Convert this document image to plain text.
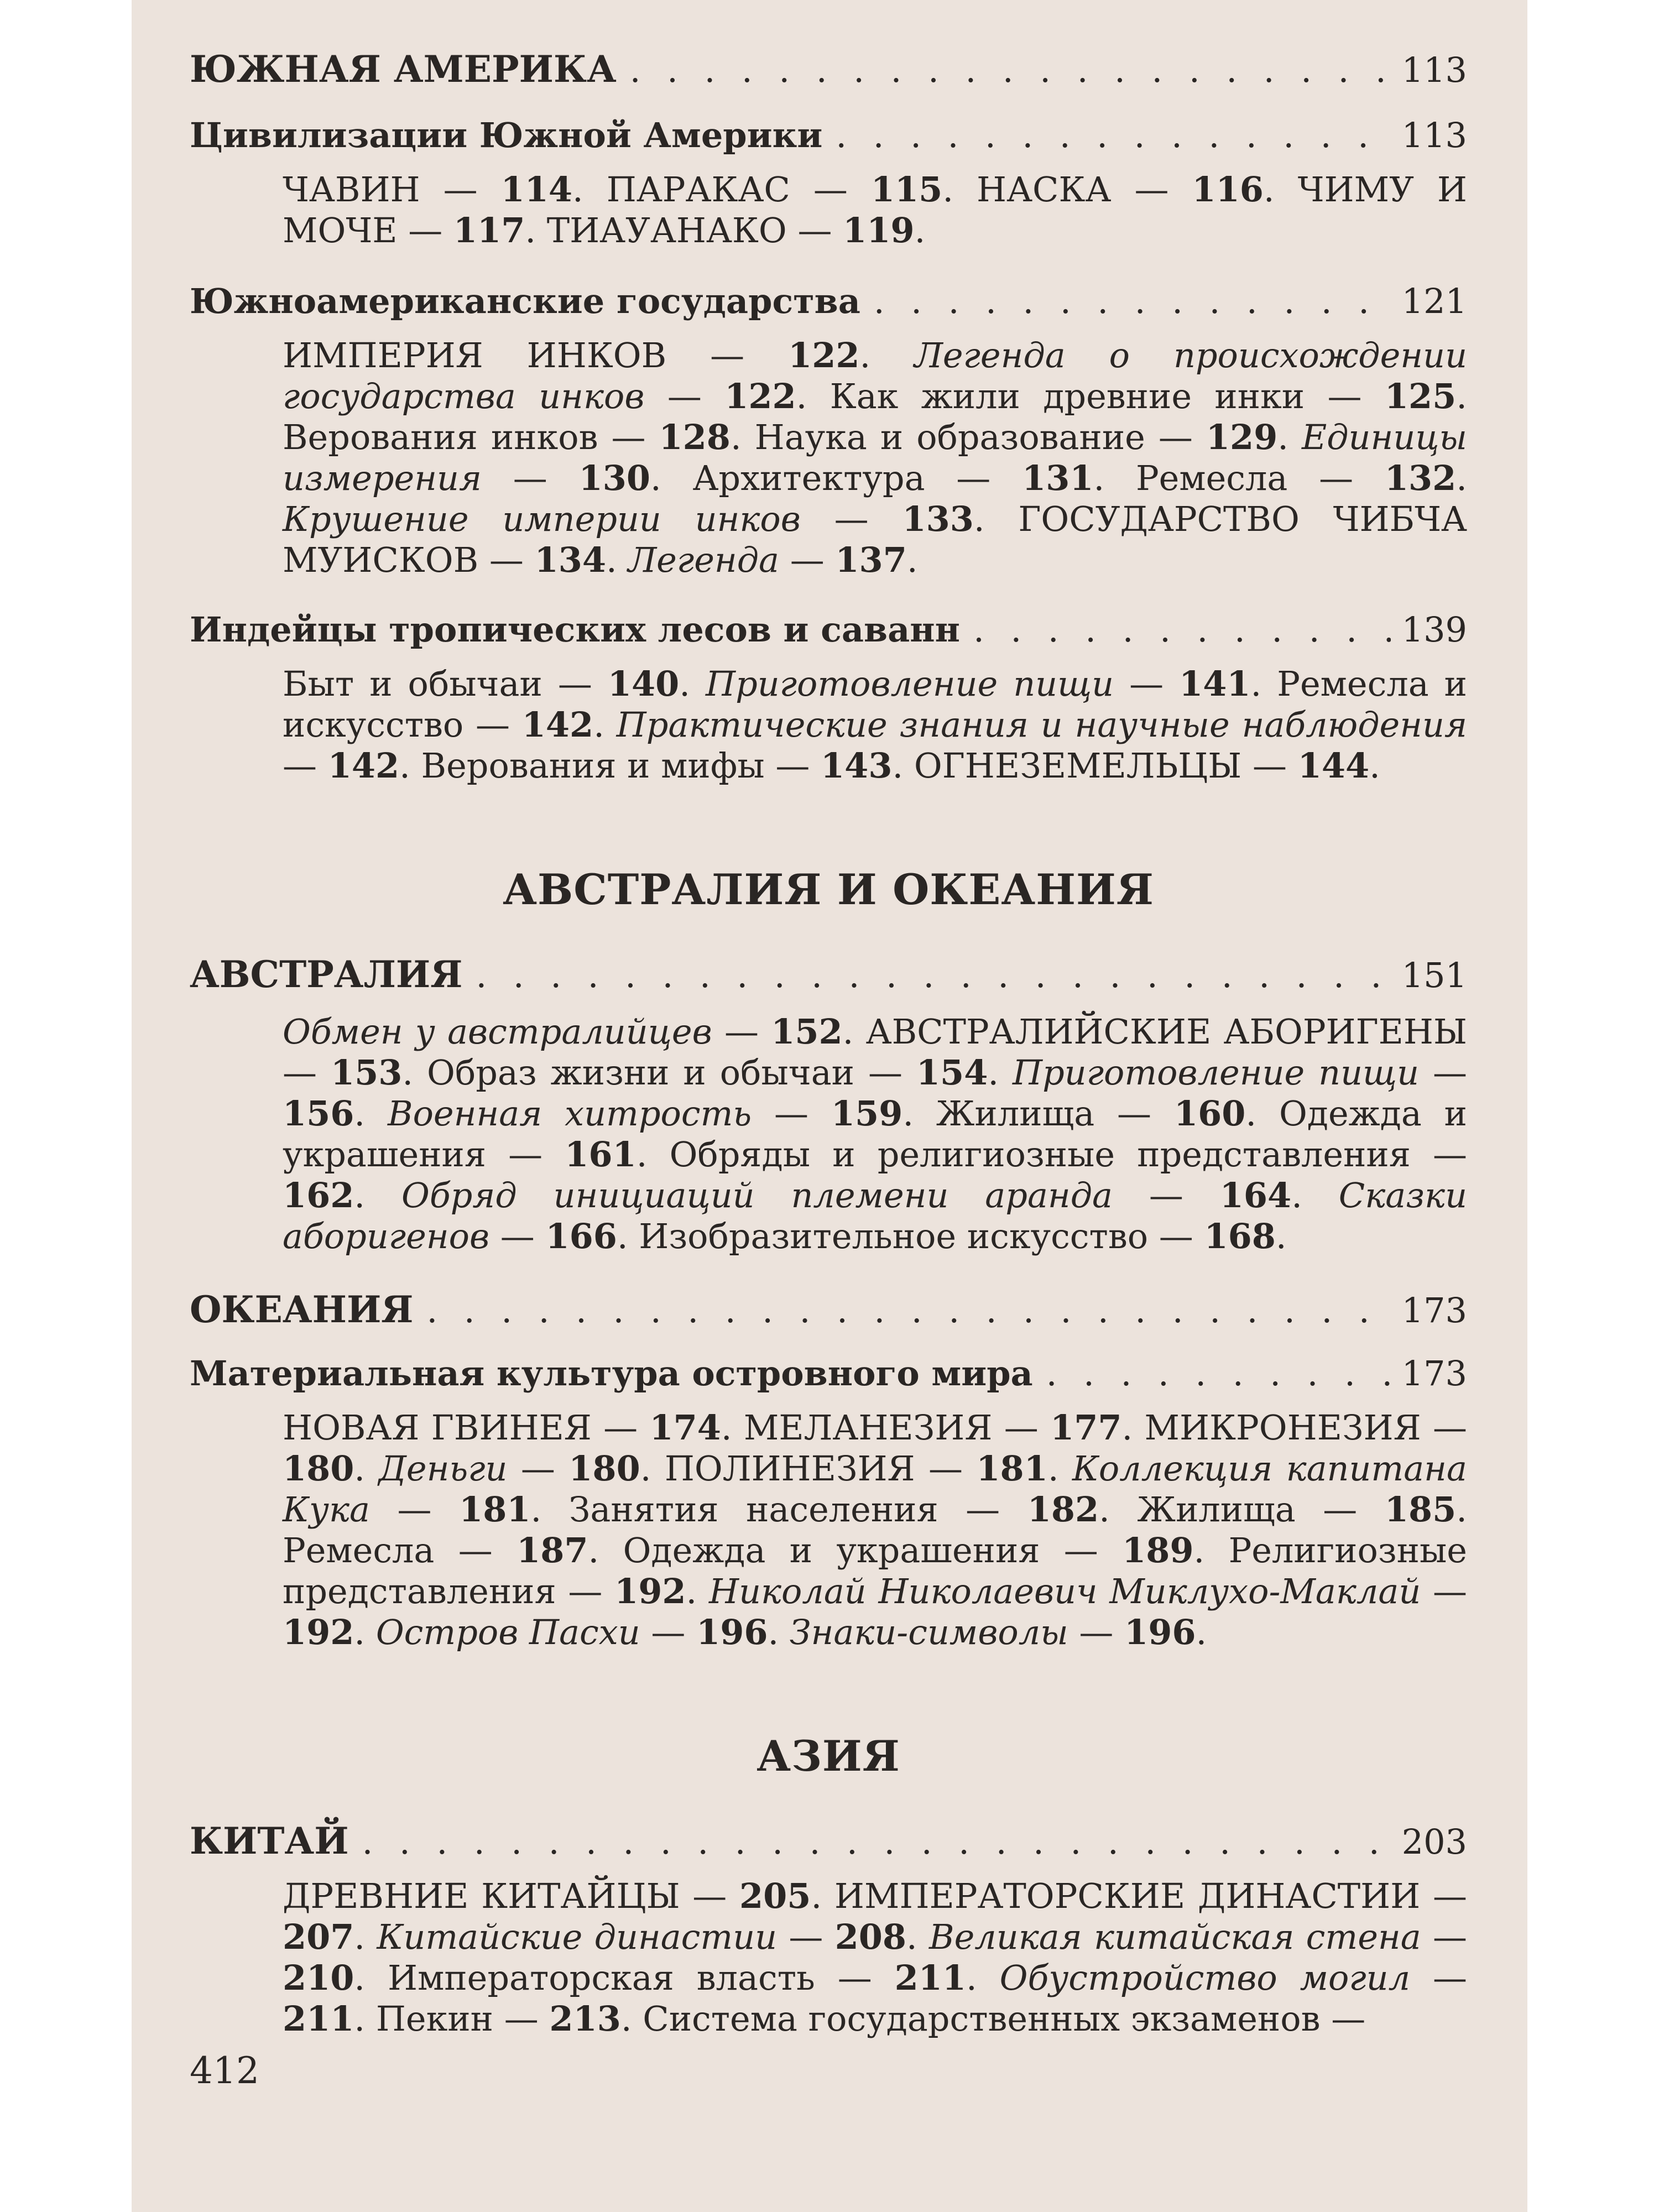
ЮЖНАЯ АМЕРИКА . . .	113
Цивилизации Южной Америки . . .	113
ЧАВИН — 114. ПАРАКАС — 115. НАСКА — 116. ЧИМУ И МОЧЕ — 117. ТИАУАНАКО — 119.
Южноамериканские государства . . .	121
ИМПЕРИЯ ИНКОВ — 122. Легенда о происхождении государства инков — 122. Как жили древние инки — 125. Верования инков — 128. Наука и образование — 129. Единицы измерения — 130. Архитектура — 131. Ремесла — 132. Крушение империи инков — 133. ГОСУДАРСТВО ЧИБЧА МУИСКОВ — 134. Легенда — 137.
Индейцы тропических лесов и саванн . . .	139
Быт и обычаи — 140. Приготовление пищи — 141. Ремесла и искусство — 142. Практические знания и научные наблюдения — 142. Верования и мифы — 143. ОГНЕЗЕМЕЛЬЦЫ — 144.
АВСТРАЛИЯ И ОКЕАНИЯ
АВСТРАЛИЯ . . .	151
Обмен у австралийцев — 152. АВСТРАЛИЙСКИЕ АБОРИГЕНЫ — 153. Образ жизни и обычаи — 154. Приготовление пищи — 156. Военная хитрость — 159. Жилища — 160. Одежда и украшения — 161. Обряды и религиозные представления — 162. Обряд инициаций племени аранда — 164. Сказки аборигенов — 166. Изобразительное искусство — 168.
ОКЕАНИЯ . . .	173
Материальная культура островного мира . . .	173
НОВАЯ ГВИНЕЯ — 174. МЕЛАНЕЗИЯ — 177. МИКРОНЕЗИЯ — 180. Деньги — 180. ПОЛИНЕЗИЯ — 181. Коллекция капитана Кука — 181. Занятия населения — 182. Жилища — 185. Ремесла — 187. Одежда и украшения — 189. Религиозные представления — 192. Николай Николаевич Миклухо-Маклай — 192. Остров Пасхи — 196. Знаки-символы — 196.
АЗИЯ
КИТАЙ . . .	203
ДРЕВНИЕ КИТАЙЦЫ — 205. ИМПЕРАТОРСКИЕ ДИНАСТИИ — 207. Китайские династии — 208. Великая китайская стена — 210. Императорская власть — 211. Обустройство могил — 211. Пекин — 213. Система государственных экзаменов —
412
